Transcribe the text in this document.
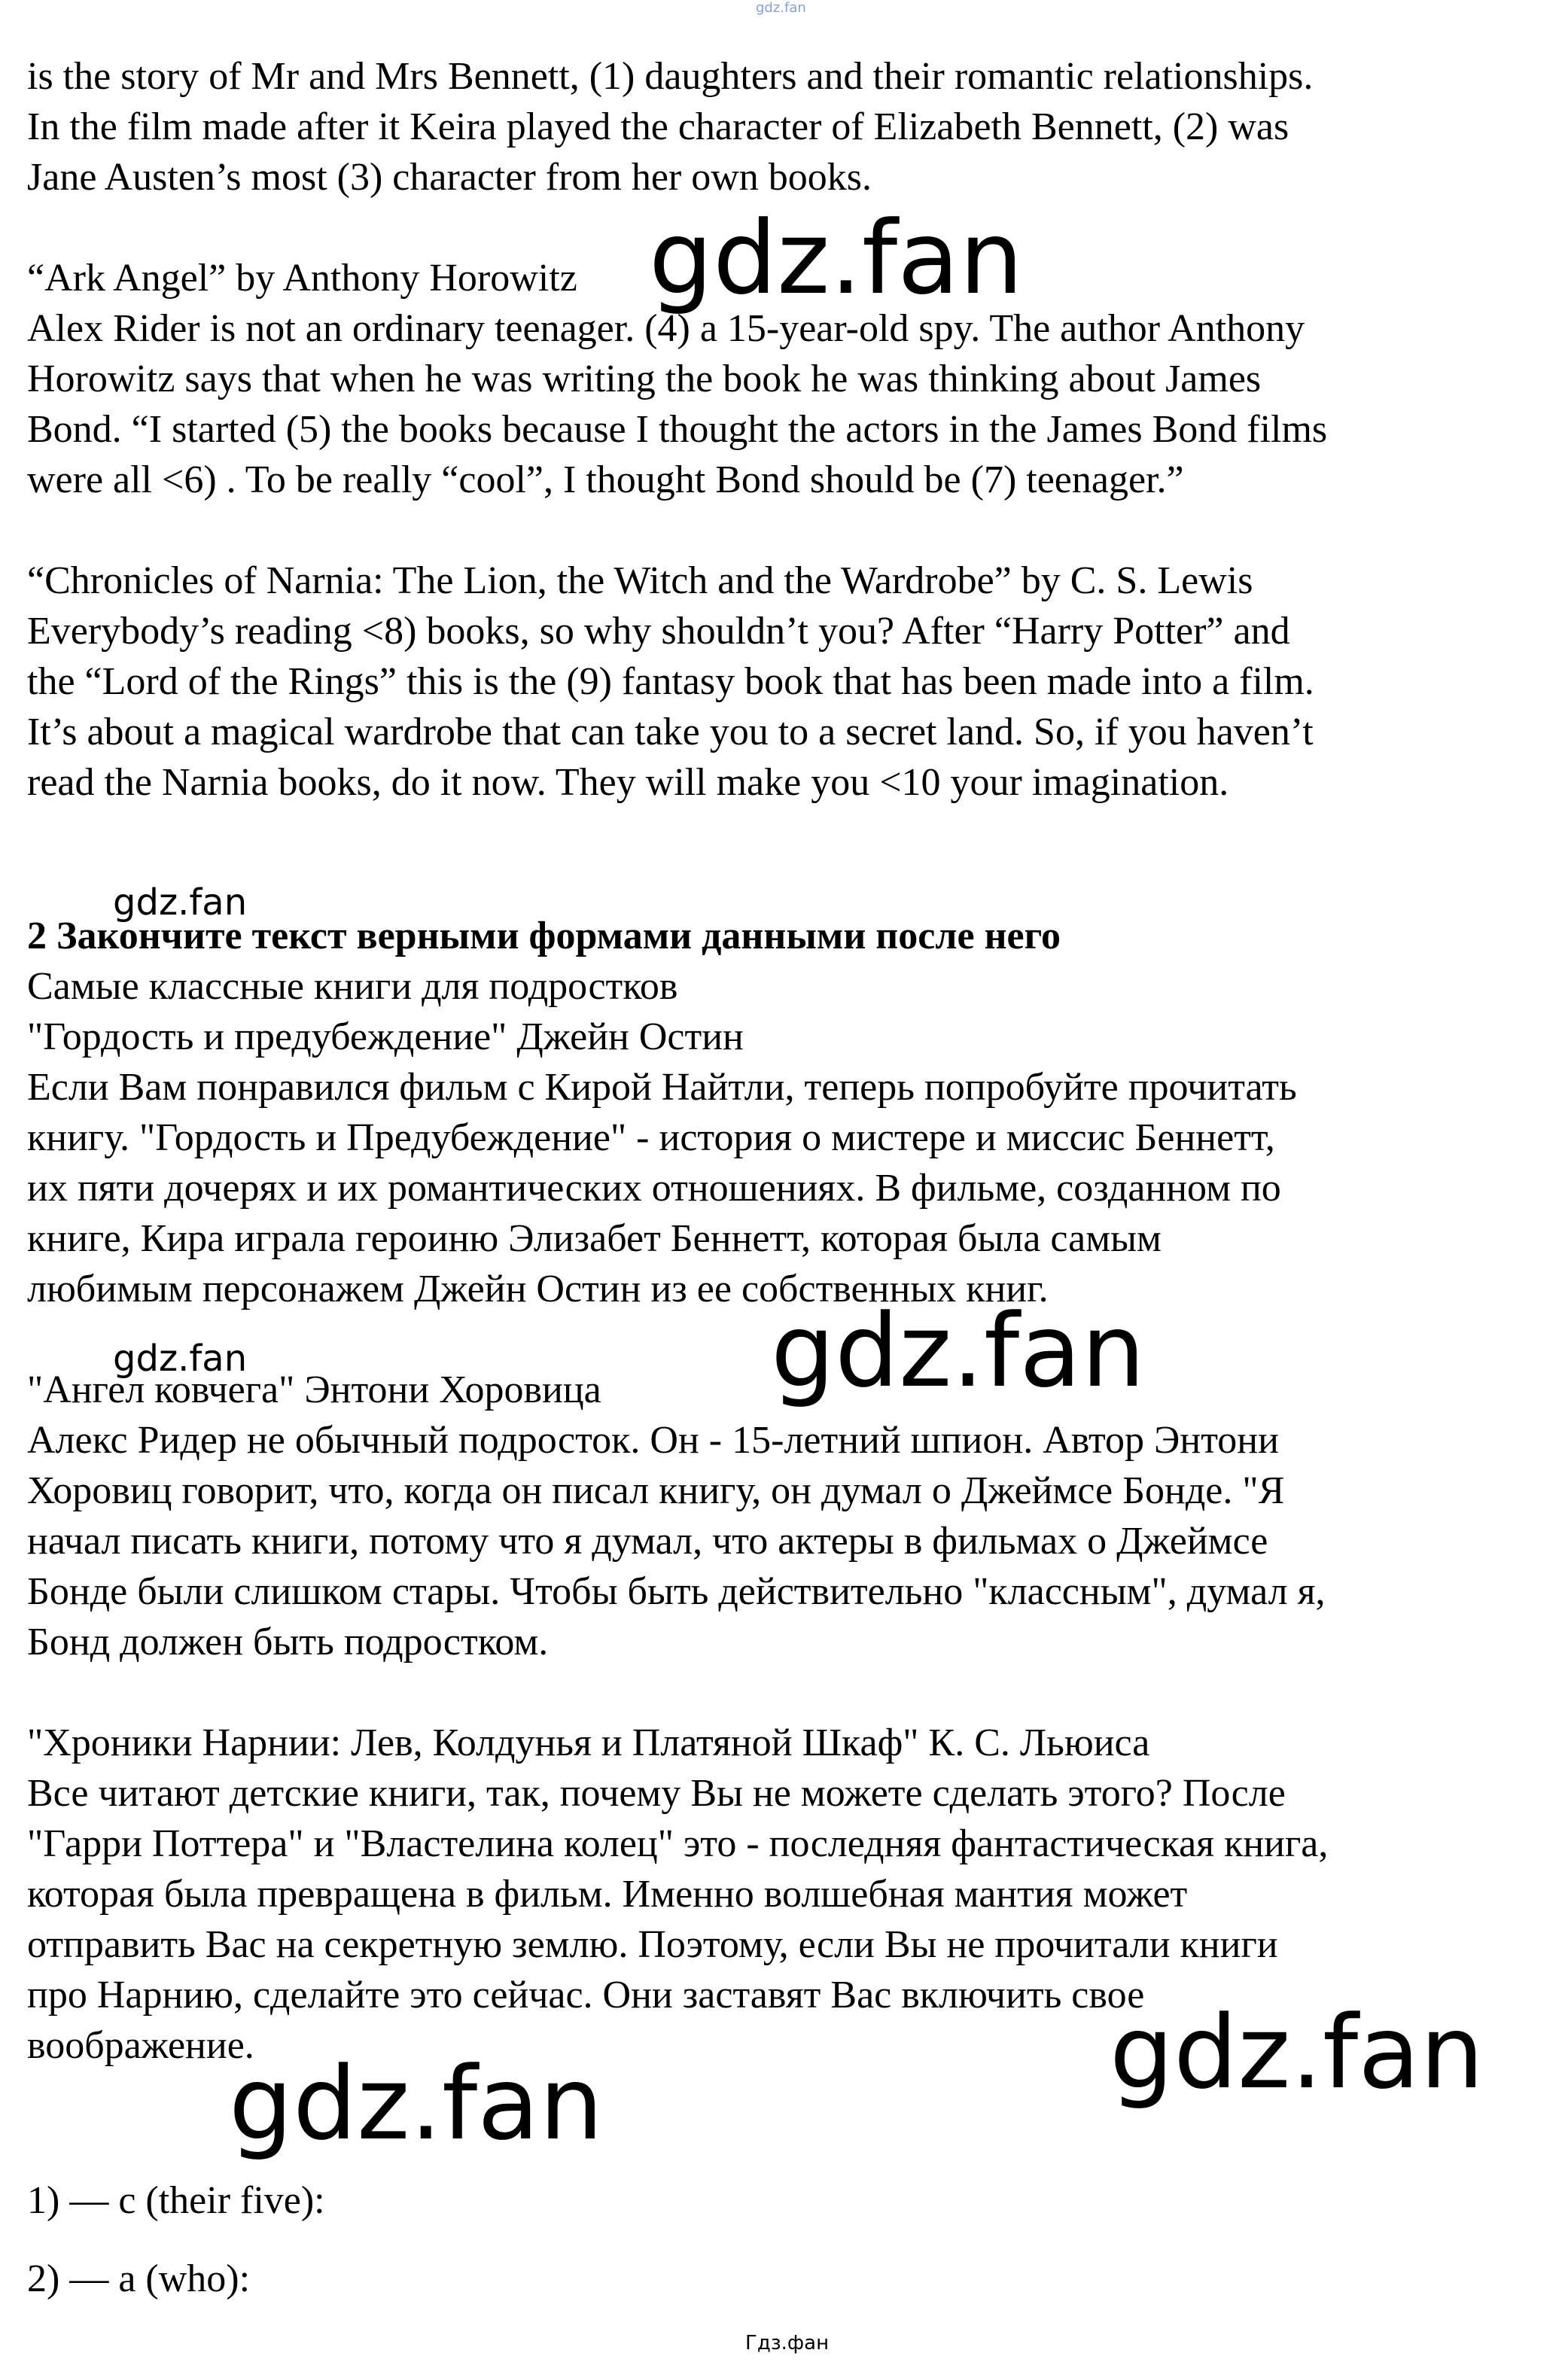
gdz.fan

is the story of Mr and Mrs Bennett, (1) daughters and their romantic relationships.

In the film made after it Keira played the character of Elizabeth Bennett, (2) was

Jane Austen’s most (3) character from her own books.

“Ark Angel” by Anthony Horowitz gdz.fan

Alex Rider is not an ordinary teenager. (4) a 15-year-old spy. The author Anthony

Horowitz says that when he was writing the book he was thinking about James

Bond. “I started (5) the books because I thought the actors in the James Bond films

were all <6) . To be really “cool”, I thought Bond should be (7) teenager.”

“Chronicles of Narnia: The Lion, the Witch and the Wardrobe” by C. S. Lewis

Everybody’s reading <8) books, so why shouldn’t you? After “Harry Potter” and

the “Lord of the Rings” this is the (9) fantasy book that has been made into a film.

It’s about a magical wardrobe that can take you to a secret land. So, if you haven’t

read the Narnia books, do it now. They will make you <10 your imagination.

gdz.fan

2 Закончите текст верными формами данными после него

Самые классные книги для подростков

"Гордость и предубеждение" Джейн Остин

Если Вам понравился фильм с Кирой Найтли, теперь попробуйте прочитать

книгу. "Гордость и Предубеждение" - история о мистере и миссис Беннетт,

их пяти дочерях и их романтических отношениях. В фильме, созданном по

книге, Кира играла героиню Элизабет Беннетт, которая была самым

любимым персонажем Джейн Остин из ее собственных книг.

gdz.fan	gdz.fan

"Ангел ковчега" Энтони Хоровица

Алекс Ридер не обычный подросток. Он - 15-летний шпион. Автор Энтони

Хоровиц говорит, что, когда он писал книгу, он думал о Джеймсе Бонде. "Я

начал писать книги, потому что я думал, что актеры в фильмах о Джеймсе

Бонде были слишком стары. Чтобы быть действительно "классным", думал я,

Бонд должен быть подростком.

"Хроники Нарнии: Лев, Колдунья и Платяной Шкаф" К. С. Льюиса

Все читают детские книги, так, почему Вы не можете сделать этого? После

"Гарри Поттера" и "Властелина колец" это - последняя фантастическая книга,

которая была превращена в фильм. Именно волшебная мантия может

отправить Вас на секретную землю. Поэтому, если Вы не прочитали книги

про Нарнию, сделайте это сейчас. Они заставят Вас включить свое

воображение.	gdz.fan
gdz.fan

1) — c (their five):

2) — a (who):

Гдз.фан
